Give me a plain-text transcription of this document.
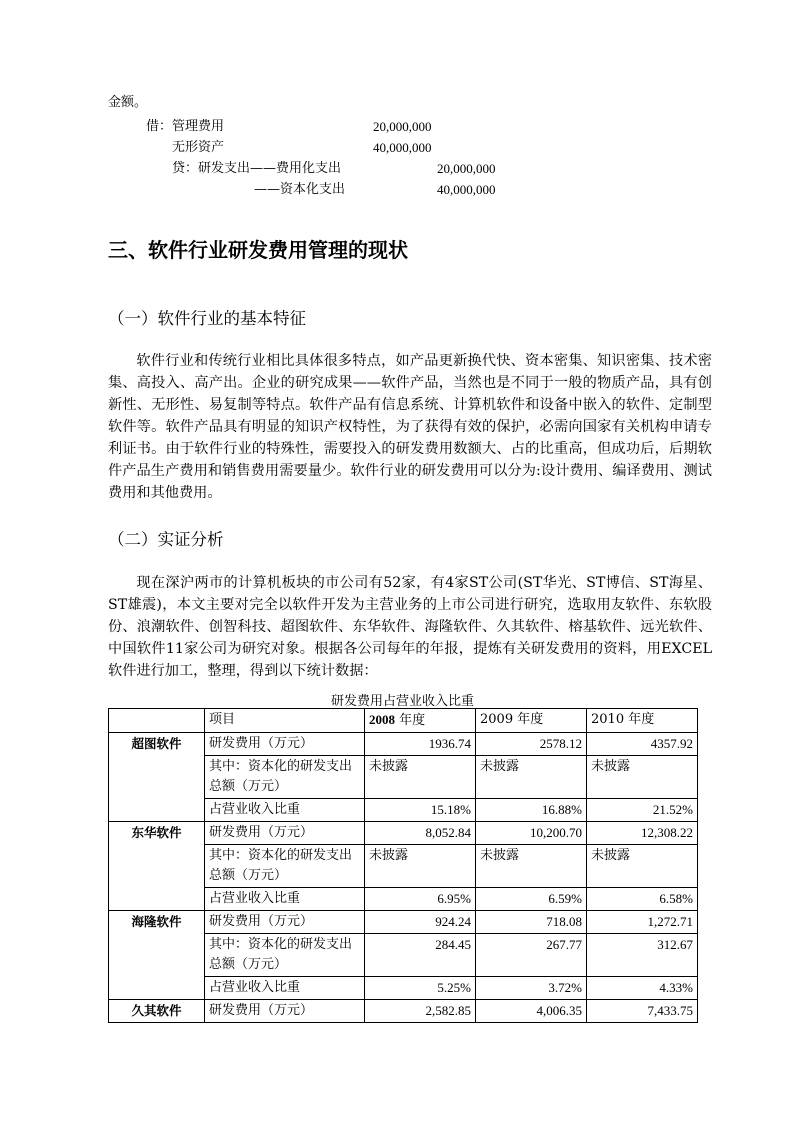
金额。
借：管理费用	20,000,000
无形资产	40,000,000
贷：研发支出——费用化支出	20,000,000
——资本化支出	40,000,000
三、软件行业研发费用管理的现状
（一）软件行业的基本特征
软件行业和传统行业相比具体很多特点，如产品更新换代快、资本密集、知识密集、技术密集、高投入、高产出。企业的研究成果——软件产品，当然也是不同于一般的物质产品，具有创新性、无形性、易复制等特点。软件产品有信息系统、计算机软件和设备中嵌入的软件、定制型软件等。软件产品具有明显的知识产权特性，为了获得有效的保护，必需向国家有关机构申请专利证书。由于软件行业的特殊性，需要投入的研发费用数额大、占的比重高，但成功后，后期软件产品生产费用和销售费用需要量少。软件行业的研发费用可以分为:设计费用、编译费用、测试费用和其他费用。
（二）实证分析
现在深沪两市的计算机板块的市公司有52家，有4家ST公司(ST华光、ST博信、ST海星、ST雄震)，本文主要对完全以软件开发为主营业务的上市公司进行研究，选取用友软件、东软股份、浪潮软件、创智科技、超图软件、东华软件、海隆软件、久其软件、榕基软件、远光软件、中国软件11家公司为研究对象。根据各公司每年的年报，提炼有关研发费用的资料，用EXCEL软件进行加工，整理，得到以下统计数据：
研发费用占营业收入比重
	项目	2008 年度	2009 年度	2010 年度
超图软件	研发费用（万元）	1936.74	2578.12	4357.92
	其中：资本化的研发支出总额（万元）	未披露	未披露	未披露
	占营业收入比重	15.18%	16.88%	21.52%
东华软件	研发费用（万元）	8,052.84	10,200.70	12,308.22
	其中：资本化的研发支出总额（万元）	未披露	未披露	未披露
	占营业收入比重	6.95%	6.59%	6.58%
海隆软件	研发费用（万元）	924.24	718.08	1,272.71
	其中：资本化的研发支出总额（万元）	284.45	267.77	312.67
	占营业收入比重	5.25%	3.72%	4.33%
久其软件	研发费用（万元）	2,582.85	4,006.35	7,433.75
